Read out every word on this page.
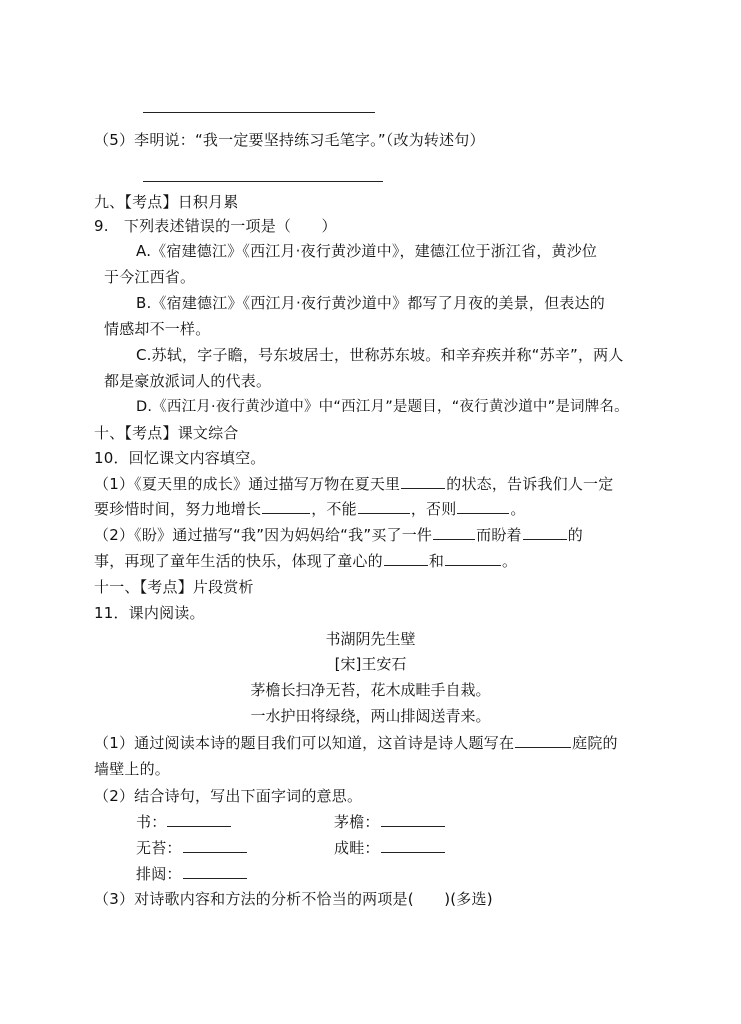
（5）李明说：“我一定要坚持练习毛笔字。”（改为转述句）
九、【考点】日积月累
9.　下列表述错误的一项是（　　）
A.《宿建德江》《西江月·夜行黄沙道中》，建德江位于浙江省，黄沙位
于今江西省。
B.《宿建德江》《西江月·夜行黄沙道中》都写了月夜的美景，但表达的
情感却不一样。
C.苏轼，字子瞻，号东坡居士，世称苏东坡。和辛弃疾并称“苏辛”，两人
都是豪放派词人的代表。
D.《西江月·夜行黄沙道中》中“西江月”是题目，“夜行黄沙道中”是词牌名。
十、【考点】课文综合
10．回忆课文内容填空。
（1）《夏天里的成长》通过描写万物在夏天里	的状态，告诉我们人一定
要珍惜时间，努力地增长	，不能	，否则	。
（2）《盼》通过描写“我”因为妈妈给“我”买了一件	而盼着	的
事，再现了童年生活的快乐，体现了童心的	和	。
十一、【考点】片段赏析
11．课内阅读。
书湖阴先生壁
[宋]王安石
茅檐长扫净无苔，花木成畦手自栽。
一水护田将绿绕，两山排闼送青来。
（1）通过阅读本诗的题目我们可以知道，这首诗是诗人题写在	庭院的
墙壁上的。
（2）结合诗句，写出下面字词的意思。
书：	茅檐：
无苔：	成畦：
排闼：
（3）对诗歌内容和方法的分析不恰当的两项是(　　)(多选)
